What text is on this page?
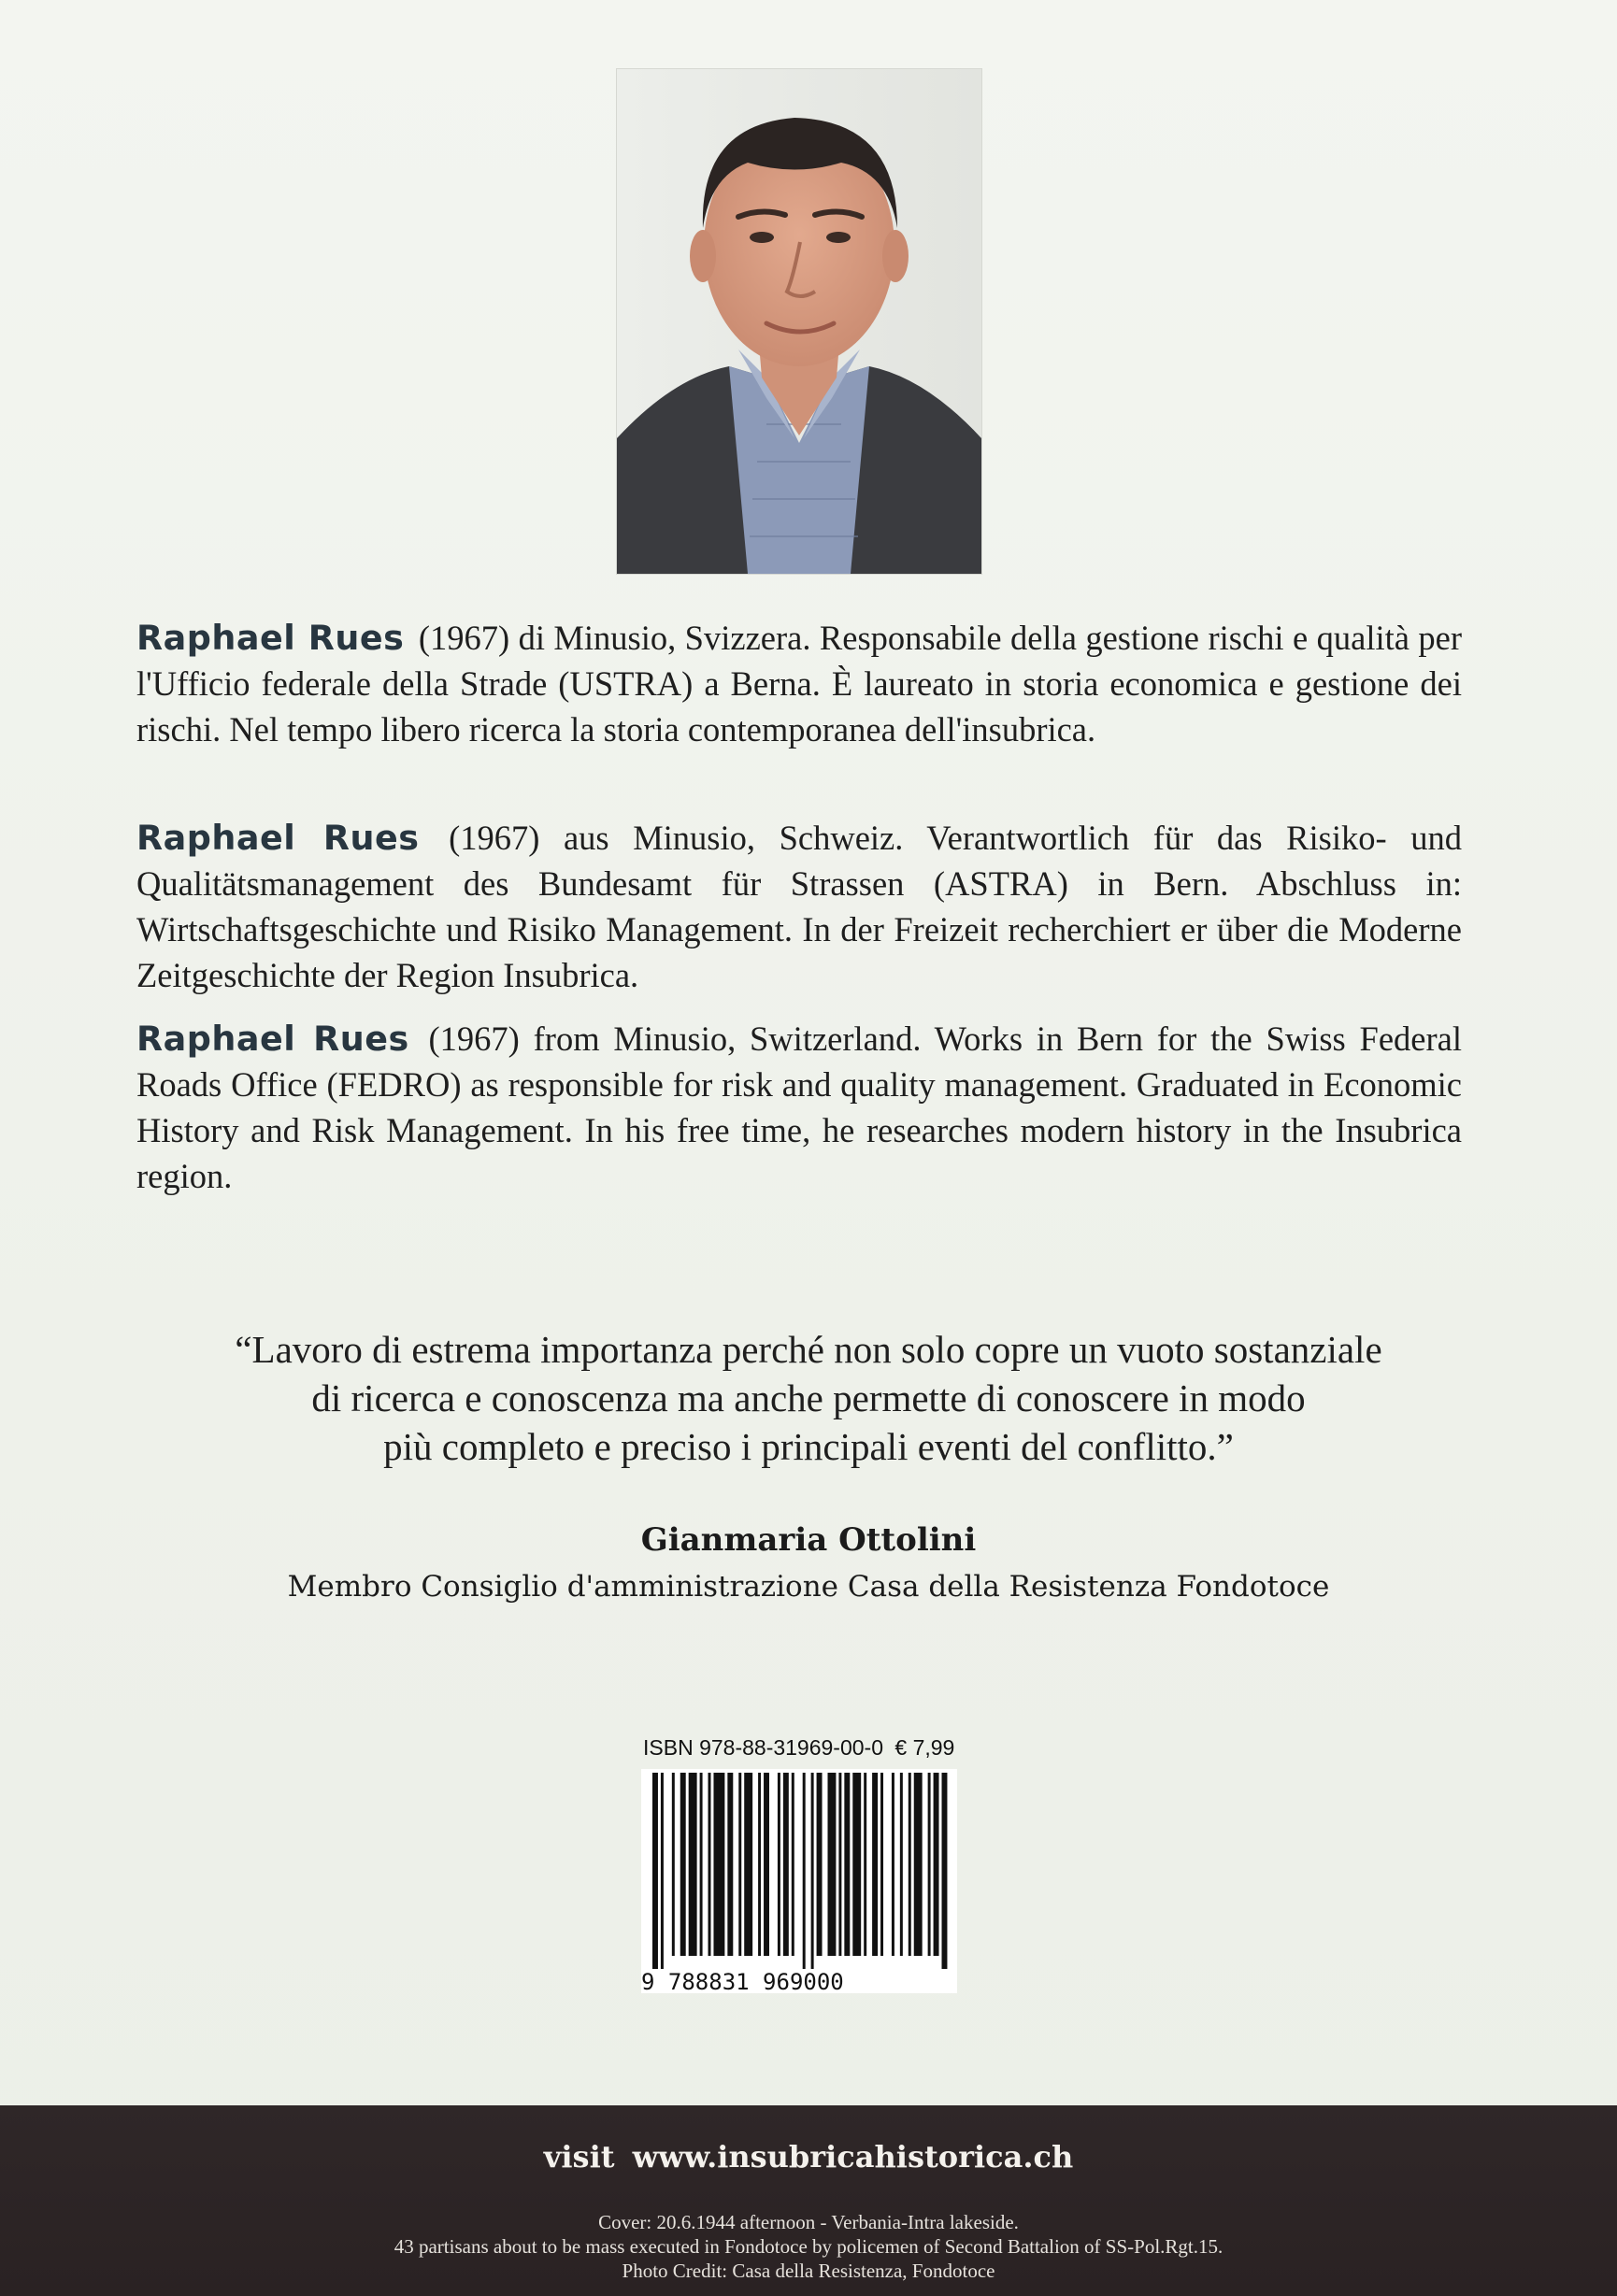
Raphael Rues (1967) di Minusio, Svizzera. Responsabile della gestione rischi e qualità per l'Ufficio federale della Strade (USTRA) a Berna. È laureato in storia economica e gestione dei rischi. Nel tempo libero ricerca la storia contemporanea dell'insubrica.

Raphael Rues (1967) aus Minusio, Schweiz. Verantwortlich für das Risiko- und Qualitätsmanagement des Bundesamt für Strassen (ASTRA) in Bern. Abschluss in: Wirtschaftsgeschichte und Risiko Management. In der Freizeit recherchiert er über die Moderne Zeitgeschichte der Region Insubrica.

Raphael Rues (1967) from Minusio, Switzerland. Works in Bern for the Swiss Federal Roads Office (FEDRO) as responsible for risk and quality management. Graduated in Economic History and Risk Management. In his free time, he researches modern history in the Insubrica region.

“Lavoro di estrema importanza perché non solo copre un vuoto sostanziale
di ricerca e conoscenza ma anche permette di conoscere in modo
più completo e preciso i principali eventi del conflitto.”
Gianmaria Ottolini
Membro Consiglio d'amministrazione Casa della Resistenza Fondotoce
ISBN 978-88-31969-00-0 € 7,99
9 788831 969000
visit www.insubricahistorica.ch
Cover: 20.6.1944 afternoon - Verbania-Intra lakeside.
43 partisans about to be mass executed in Fondotoce by policemen of Second Battalion of SS-Pol.Rgt.15.
Photo Credit: Casa della Resistenza, Fondotoce
